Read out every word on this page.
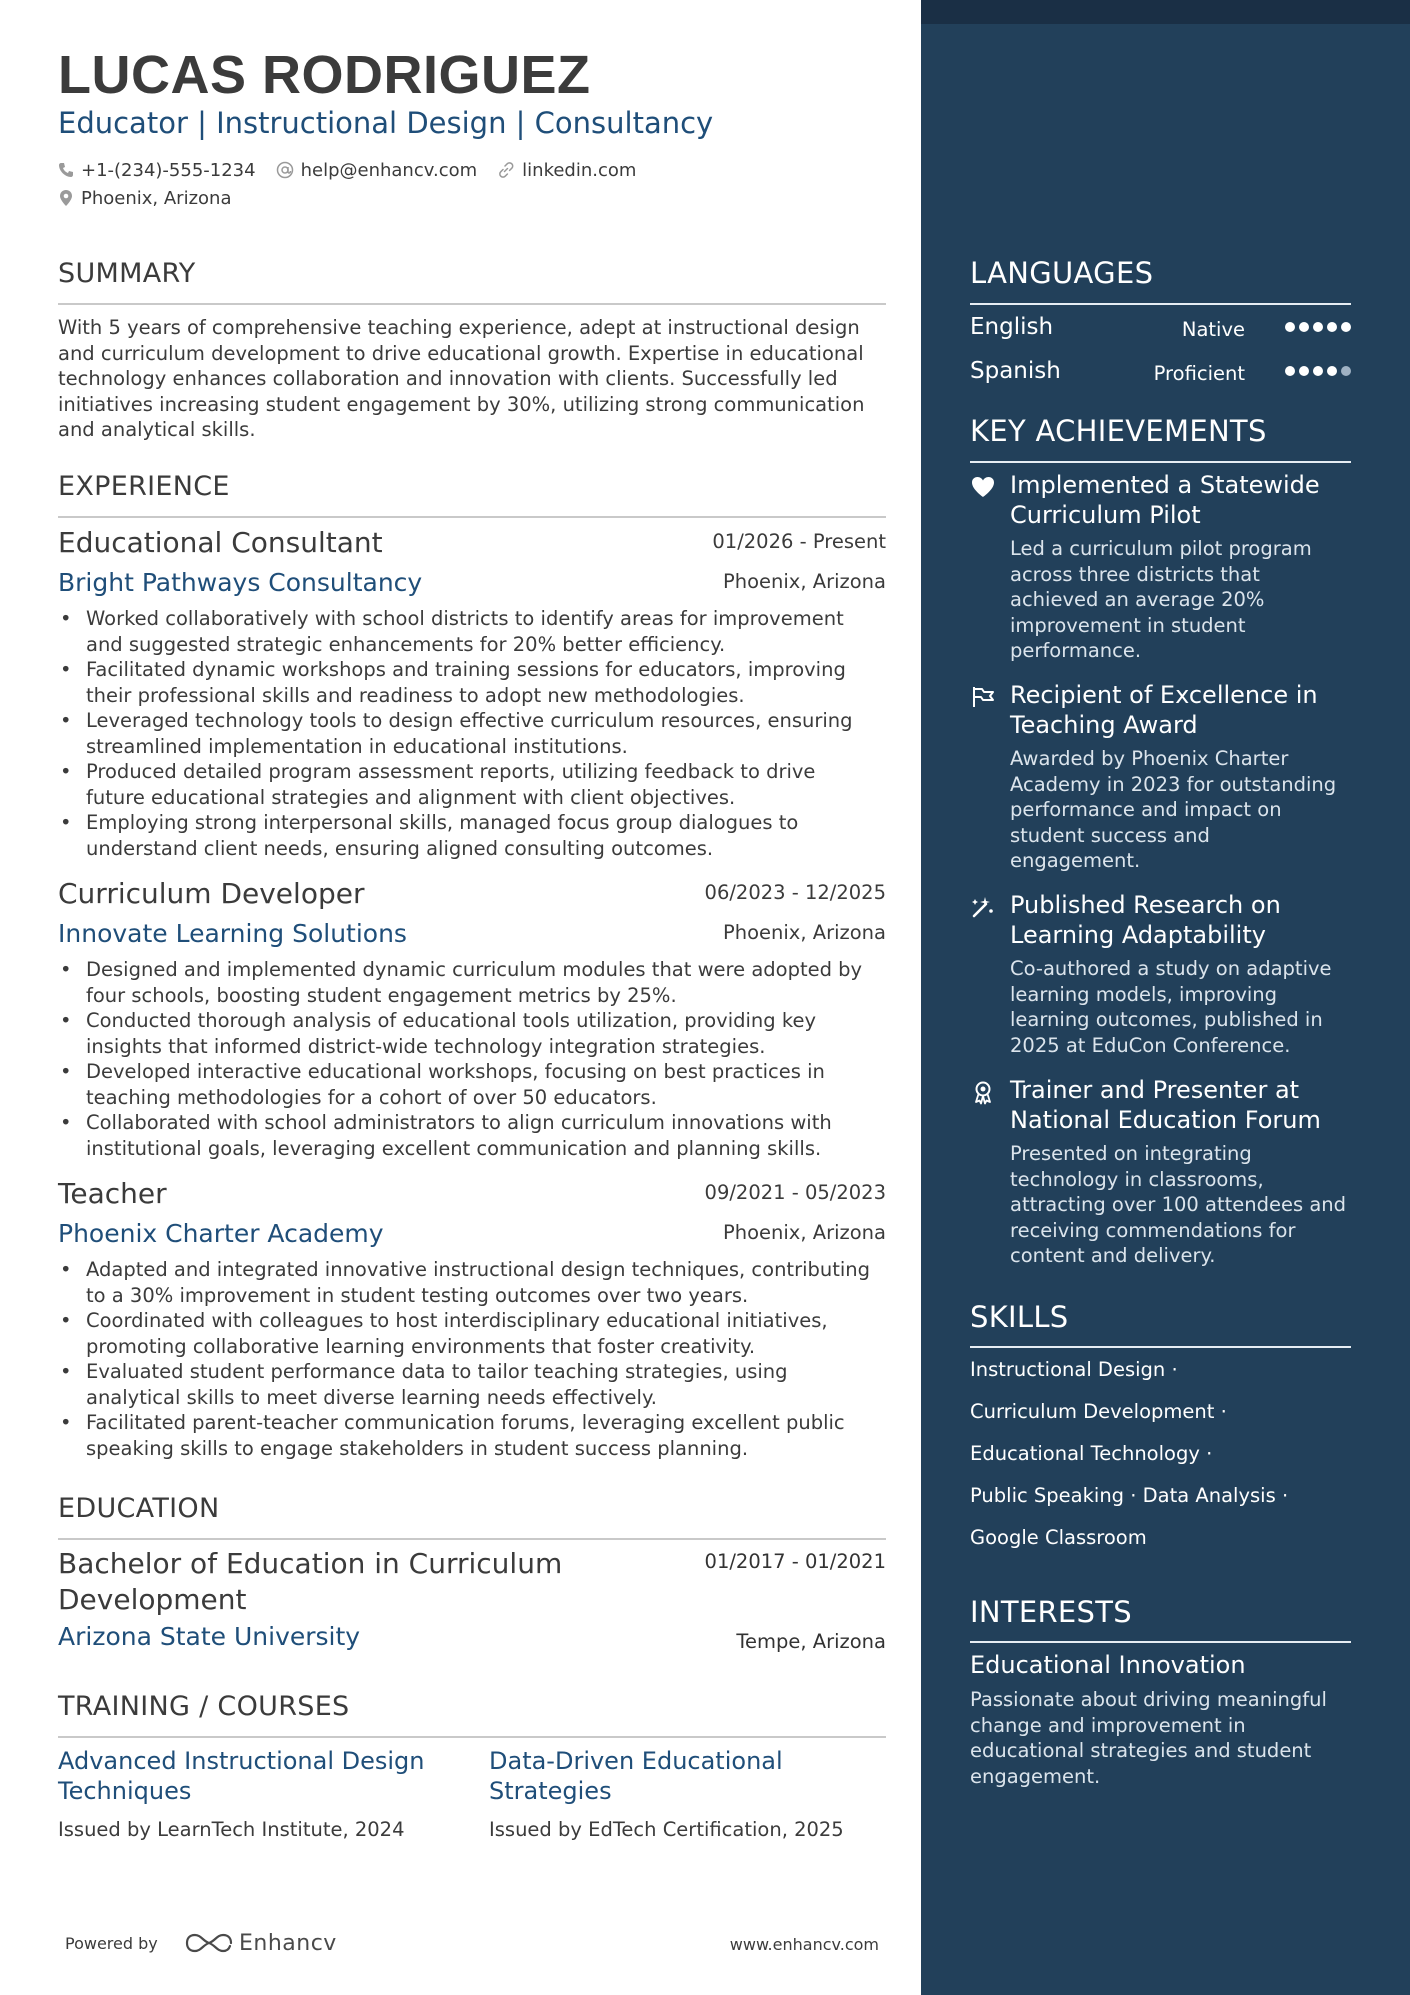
LUCAS RODRIGUEZ
Educator | Instructional Design | Consultancy
+1-(234)-555-1234	help@enhancv.com	linkedin.com
Phoenix, Arizona
SUMMARY
With 5 years of comprehensive teaching experience, adept at instructional design
and curriculum development to drive educational growth. Expertise in educational
technology enhances collaboration and innovation with clients. Successfully led
initiatives increasing student engagement by 30%, utilizing strong communication
and analytical skills.
EXPERIENCE
Educational Consultant	01/2026 - Present
Bright Pathways Consultancy	Phoenix, Arizona
• Worked collaboratively with school districts to identify areas for improvement
and suggested strategic enhancements for 20% better efficiency.
• Facilitated dynamic workshops and training sessions for educators, improving
their professional skills and readiness to adopt new methodologies.
• Leveraged technology tools to design effective curriculum resources, ensuring
streamlined implementation in educational institutions.
• Produced detailed program assessment reports, utilizing feedback to drive
future educational strategies and alignment with client objectives.
• Employing strong interpersonal skills, managed focus group dialogues to
understand client needs, ensuring aligned consulting outcomes.
Curriculum Developer	06/2023 - 12/2025
Innovate Learning Solutions	Phoenix, Arizona
• Designed and implemented dynamic curriculum modules that were adopted by
four schools, boosting student engagement metrics by 25%.
• Conducted thorough analysis of educational tools utilization, providing key
insights that informed district-wide technology integration strategies.
• Developed interactive educational workshops, focusing on best practices in
teaching methodologies for a cohort of over 50 educators.
• Collaborated with school administrators to align curriculum innovations with
institutional goals, leveraging excellent communication and planning skills.
Teacher	09/2021 - 05/2023
Phoenix Charter Academy	Phoenix, Arizona
• Adapted and integrated innovative instructional design techniques, contributing
to a 30% improvement in student testing outcomes over two years.
• Coordinated with colleagues to host interdisciplinary educational initiatives,
promoting collaborative learning environments that foster creativity.
• Evaluated student performance data to tailor teaching strategies, using
analytical skills to meet diverse learning needs effectively.
• Facilitated parent-teacher communication forums, leveraging excellent public
speaking skills to engage stakeholders in student success planning.
EDUCATION
Bachelor of Education in Curriculum
Development
01/2017 - 01/2021
Arizona State University	Tempe, Arizona
TRAINING / COURSES
Advanced Instructional Design
Techniques
Issued by LearnTech Institute, 2024
Data-Driven Educational
Strategies
Issued by EdTech Certification, 2025
Powered by	Enhancv	www.enhancv.com
LANGUAGES
English	Native
Spanish	Proficient
KEY ACHIEVEMENTS
Implemented a Statewide
Curriculum Pilot
Led a curriculum pilot program
across three districts that
achieved an average 20%
improvement in student
performance.
Recipient of Excellence in
Teaching Award
Awarded by Phoenix Charter
Academy in 2023 for outstanding
performance and impact on
student success and
engagement.
Published Research on
Learning Adaptability
Co-authored a study on adaptive
learning models, improving
learning outcomes, published in
2025 at EduCon Conference.
Trainer and Presenter at
National Education Forum
Presented on integrating
technology in classrooms,
attracting over 100 attendees and
receiving commendations for
content and delivery.
SKILLS
Instructional Design ·
Curriculum Development ·
Educational Technology ·
Public Speaking · Data Analysis ·
Google Classroom
INTERESTS
Educational Innovation
Passionate about driving meaningful
change and improvement in
educational strategies and student
engagement.
